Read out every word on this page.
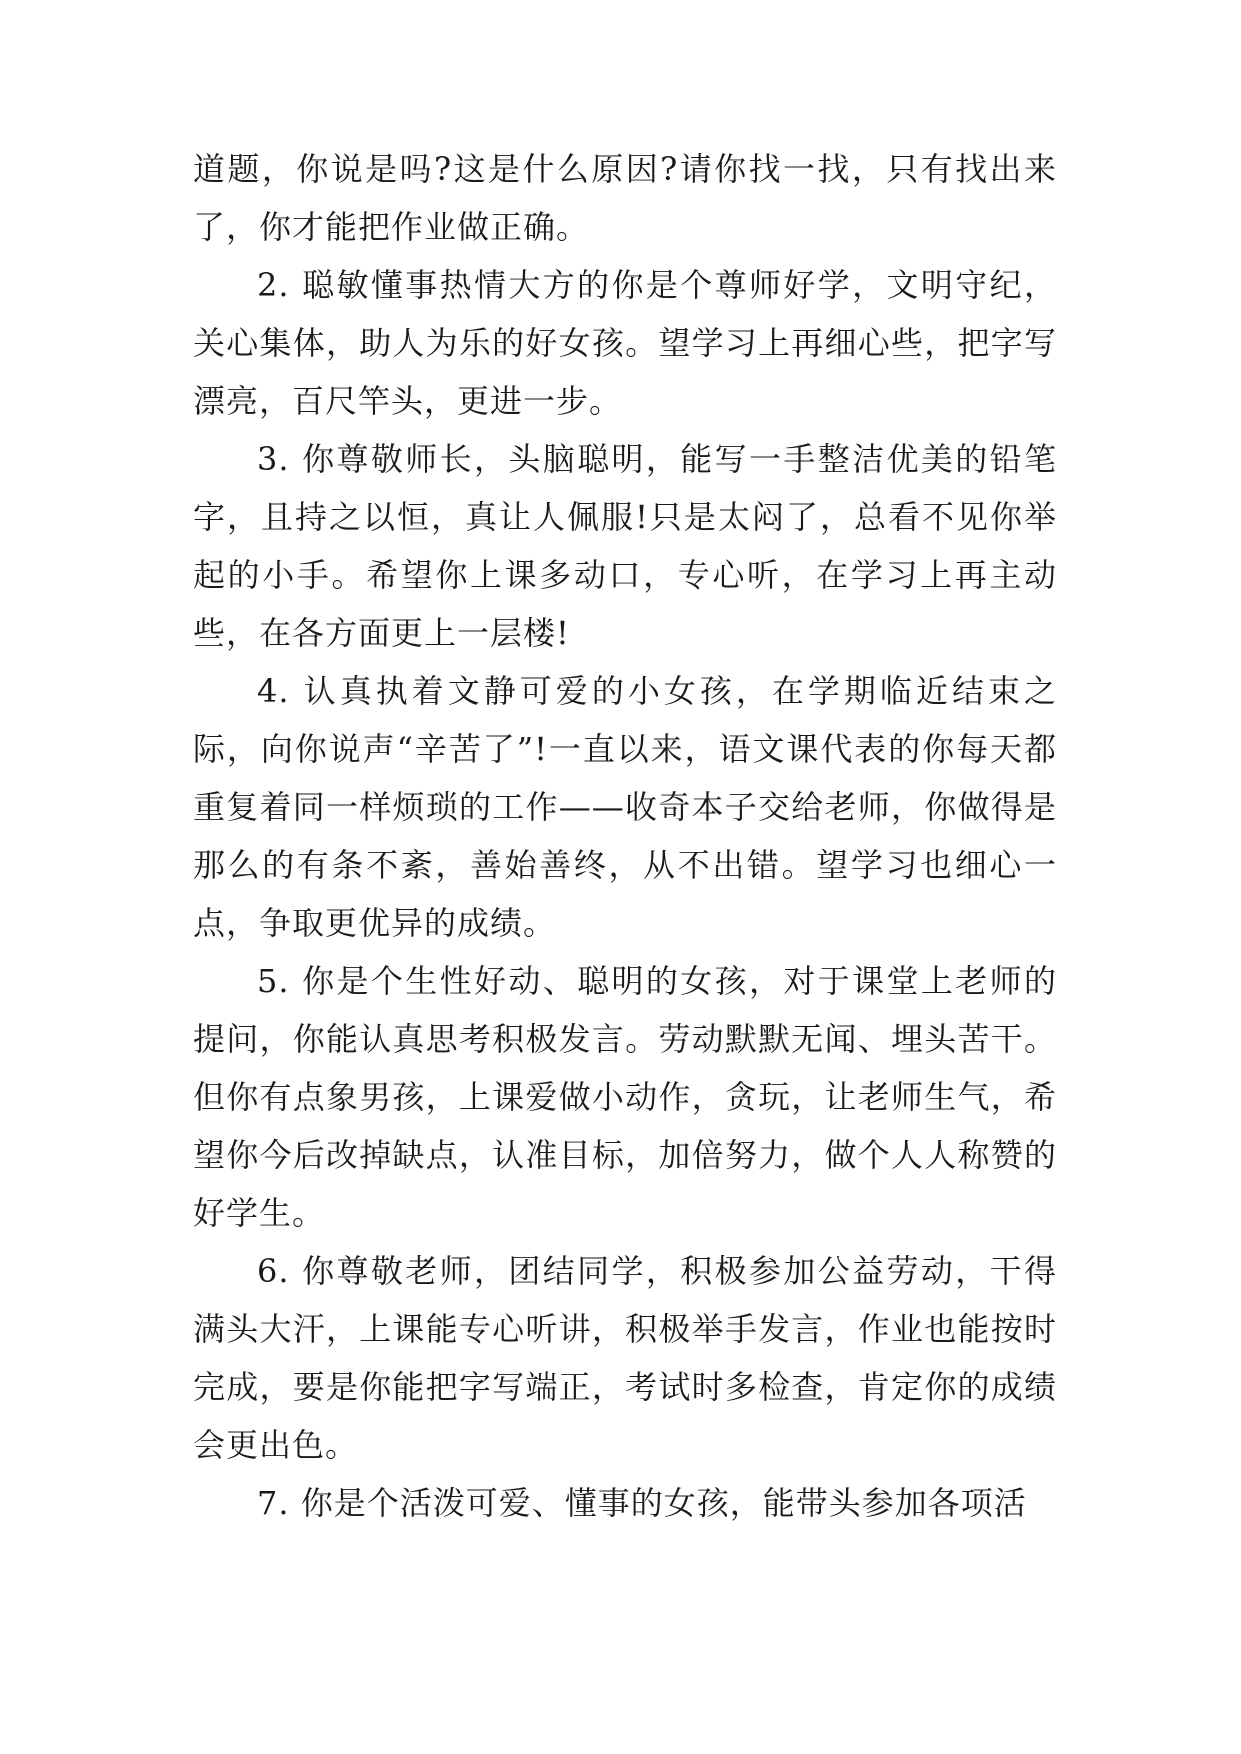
道题，你说是吗?这是什么原因?请你找一找，只有找出来了，你才能把作业做正确。

2. 聪敏懂事热情大方的你是个尊师好学，文明守纪，关心集体，助人为乐的好女孩。望学习上再细心些，把字写漂亮，百尺竿头，更进一步。

3. 你尊敬师长，头脑聪明，能写一手整洁优美的铅笔字，且持之以恒，真让人佩服!只是太闷了，总看不见你举起的小手。希望你上课多动口，专心听，在学习上再主动些，在各方面更上一层楼!

4. 认真执着文静可爱的小女孩，在学期临近结束之际，向你说声“辛苦了”!一直以来，语文课代表的你每天都重复着同一样烦琐的工作——收奇本子交给老师，你做得是那么的有条不紊，善始善终，从不出错。望学习也细心一点，争取更优异的成绩。

5. 你是个生性好动、聪明的女孩，对于课堂上老师的提问，你能认真思考积极发言。劳动默默无闻、埋头苦干。但你有点象男孩，上课爱做小动作，贪玩，让老师生气，希望你今后改掉缺点，认准目标，加倍努力，做个人人称赞的好学生。

6. 你尊敬老师，团结同学，积极参加公益劳动，干得满头大汗，上课能专心听讲，积极举手发言，作业也能按时完成，要是你能把字写端正，考试时多检查，肯定你的成绩会更出色。

7. 你是个活泼可爱、懂事的女孩，能带头参加各项活
